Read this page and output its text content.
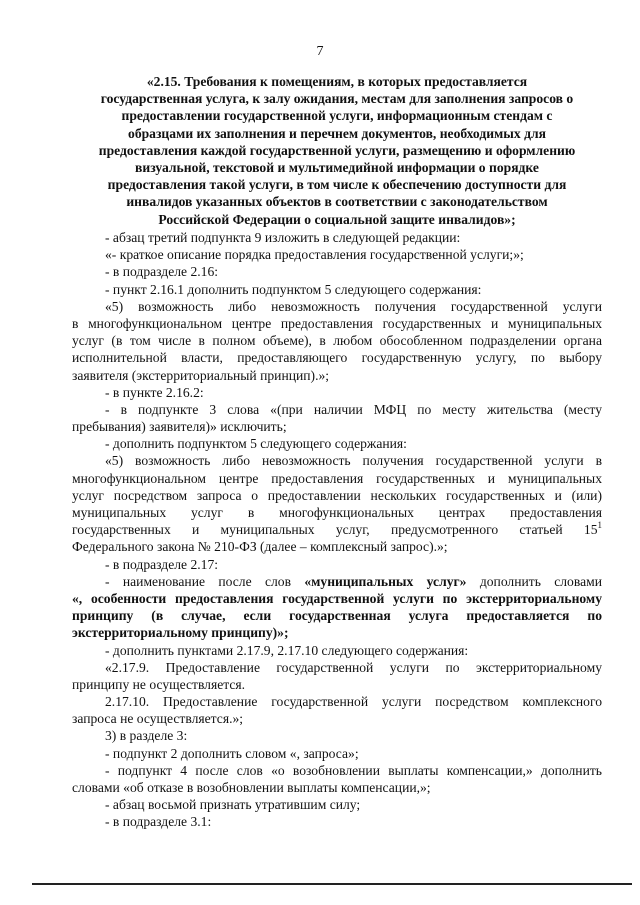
7
«2.15. Требования к помещениям, в которых предоставляется
государственная услуга, к залу ожидания, местам для заполнения запросов о
предоставлении государственной услуги, информационным стендам с
образцами их заполнения и перечнем документов, необходимых для
предоставления каждой государственной услуги, размещению и оформлению
визуальной, текстовой и мультимедийной информации о порядке
предоставления такой услуги, в том числе к обеспечению доступности для
инвалидов указанных объектов в соответствии с законодательством
Российской Федерации о социальной защите инвалидов»;
- абзац третий подпункта 9 изложить в следующей редакции:
«- краткое описание порядка предоставления государственной услуги;»;
- в подразделе 2.16:
- пункт 2.16.1 дополнить подпунктом 5 следующего содержания:
«5) возможность либо невозможность получения государственной услуги
в многофункциональном центре предоставления государственных и муниципальных
услуг (в том числе в полном объеме), в любом обособленном подразделении органа
исполнительной власти, предоставляющего государственную услугу, по выбору
заявителя (экстерриториальный принцип).»;
- в пункте 2.16.2:
- в подпункте 3 слова «(при наличии МФЦ по месту жительства (месту
пребывания) заявителя)» исключить;
- дополнить подпунктом 5 следующего содержания:
«5) возможность либо невозможность получения государственной услуги в
многофункциональном центре предоставления государственных и муниципальных
услуг посредством запроса о предоставлении нескольких государственных и (или)
муниципальных услуг в многофункциональных центрах предоставления
государственных и муниципальных услуг, предусмотренного статьей $15^1$
Федерального закона № 210-ФЗ (далее – комплексный запрос).»;
- в подразделе 2.17:
- наименование после слов «муниципальных услуг» дополнить словами
«, особенности предоставления государственной услуги по экстерриториальному
принципу (в случае, если государственная услуга предоставляется по
экстерриториальному принципу)»;
- дополнить пунктами 2.17.9, 2.17.10 следующего содержания:
«2.17.9. Предоставление государственной услуги по экстерриториальному
принципу не осуществляется.
2.17.10. Предоставление государственной услуги посредством комплексного
запроса не осуществляется.»;
3) в разделе 3:
- подпункт 2 дополнить словом «, запроса»;
- подпункт 4 после слов «о возобновлении выплаты компенсации,» дополнить
словами «об отказе в возобновлении выплаты компенсации,»;
- абзац восьмой признать утратившим силу;
- в подразделе 3.1:
